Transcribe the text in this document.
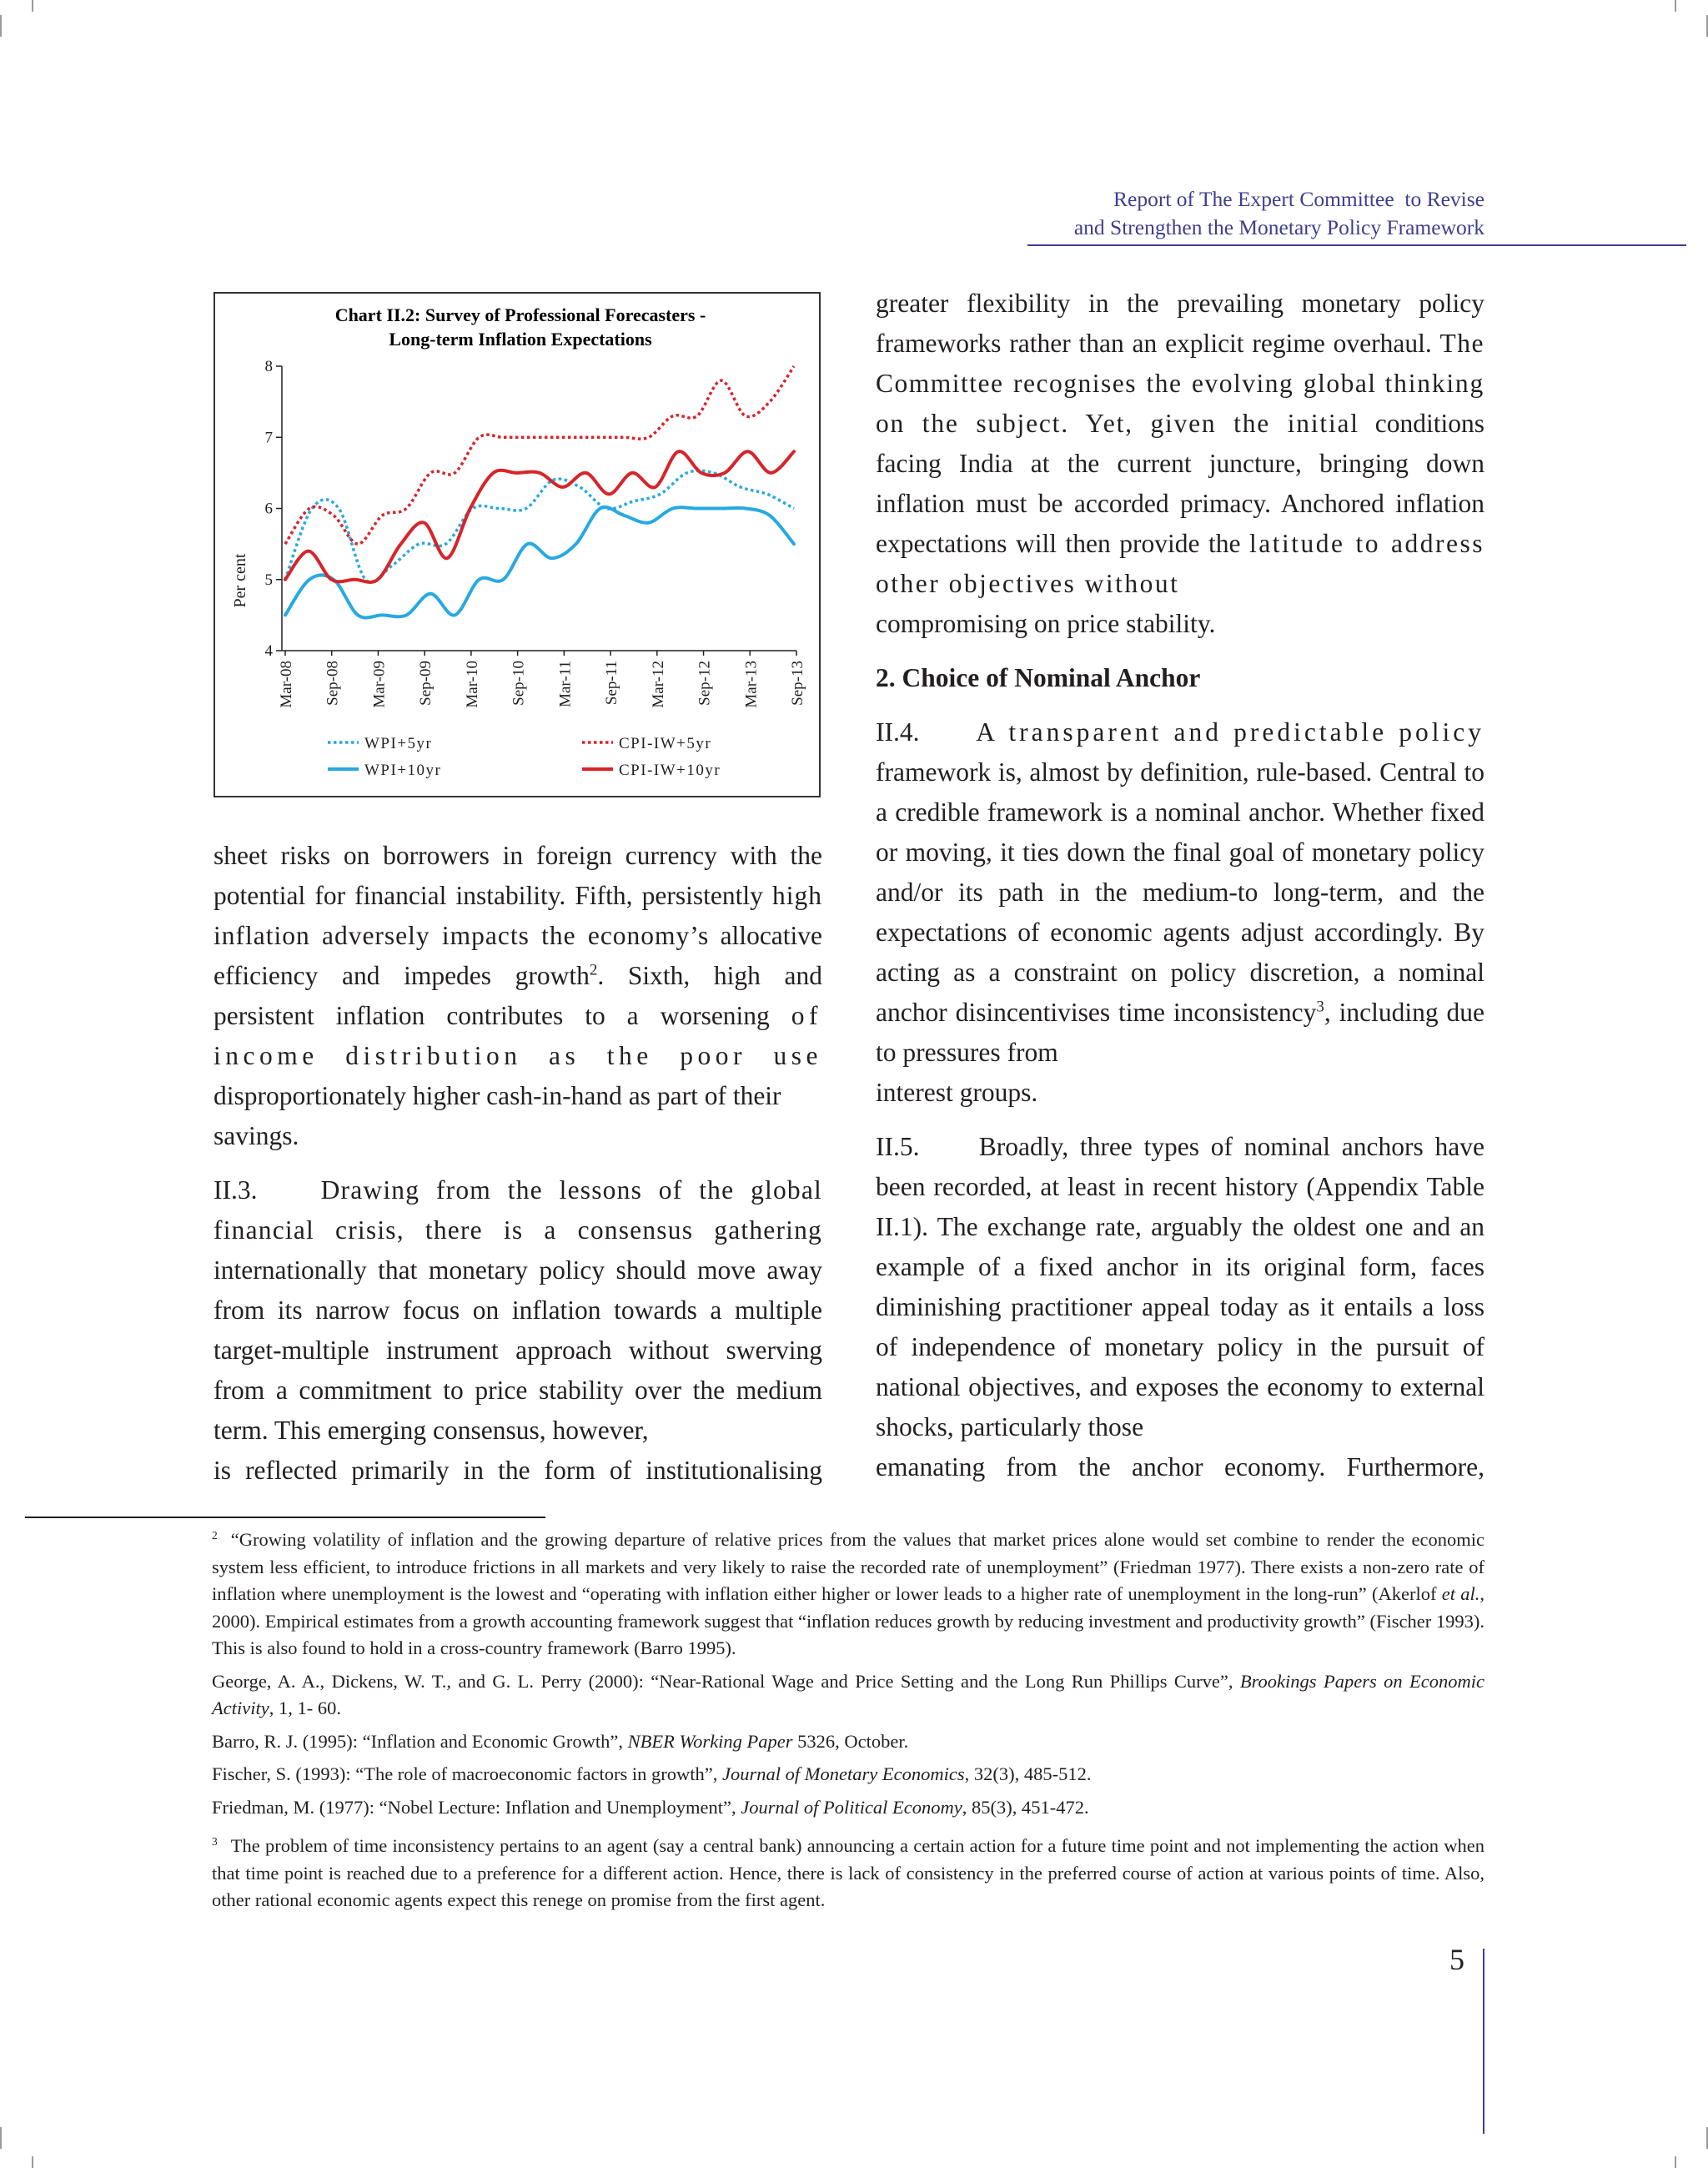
Report of The Expert Committee  to Revise
and Strengthen the Monetary Policy Framework
Chart II.2: Survey of Professional Forecasters -
Long-term Inflation Expectations
Per cent
4
5
6
7
8
Mar-08 Sep-08 Mar-09 Sep-09 Mar-10 Sep-10 Mar-11 Sep-11 Mar-12 Sep-12 Mar-13 Sep-13
WPI+5yr	CPI-IW+5yr
WPI+10yr	CPI-IW+10yr

sheet risks on borrowers in foreign currency with the potential for financial instability. Fifth, persistently high inflation adversely impacts the economy’s allocative efficiency and impedes growth$^2$. Sixth, high and persistent inflation contributes to a worsening of income distribution as the poor use disproportionately higher cash-in-hand as part of their
savings.

II.3. Drawing from the lessons of the global financial crisis, there is a consensus gathering internationally that monetary policy should move away from its narrow focus on inflation towards a multiple target-multiple instrument approach without swerving from a commitment to price stability over the medium term. This emerging consensus, however,
is reflected primarily in the form of institutionalising

greater flexibility in the prevailing monetary policy frameworks rather than an explicit regime overhaul. The Committee recognises the evolving global thinking on the subject. Yet, given the initial conditions facing India at the current juncture, bringing down inflation must be accorded primacy. Anchored inflation expectations will then provide the latitude to address other objectives without
compromising on price stability.

2. Choice of Nominal Anchor

II.4. A transparent and predictable policy framework is, almost by definition, rule-based. Central to a credible framework is a nominal anchor. Whether fixed or moving, it ties down the final goal of monetary policy and/or its path in the medium-to long-term, and the expectations of economic agents adjust accordingly. By acting as a constraint on policy discretion, a nominal anchor disincentivises time inconsistency$^3$, including due to pressures from
interest groups.

II.5. Broadly, three types of nominal anchors have been recorded, at least in recent history (Appendix Table II.1). The exchange rate, arguably the oldest one and an example of a fixed anchor in its original form, faces diminishing practitioner appeal today as it entails a loss of independence of monetary policy in the pursuit of national objectives, and exposes the economy to external shocks, particularly those
emanating from the anchor economy. Furthermore,

$^2$ “Growing volatility of inflation and the growing departure of relative prices from the values that market prices alone would set combine to render the economic system less efficient, to introduce frictions in all markets and very likely to raise the recorded rate of unemployment” (Friedman 1977). There exists a non-zero rate of inflation where unemployment is the lowest and “operating with inflation either higher or lower leads to a higher rate of unemployment in the long-run” (Akerlof et al., 2000). Empirical estimates from a growth accounting framework suggest that “inflation reduces growth by reducing investment and productivity growth” (Fischer 1993). This is also found to hold in a cross-country framework (Barro 1995).

George, A. A., Dickens, W. T., and G. L. Perry (2000): “Near-Rational Wage and Price Setting and the Long Run Phillips Curve”, Brookings Papers on Economic Activity, 1, 1- 60.

Barro, R. J. (1995): “Inflation and Economic Growth”, NBER Working Paper 5326, October.

Fischer, S. (1993): “The role of macroeconomic factors in growth”, Journal of Monetary Economics, 32(3), 485-512.

Friedman, M. (1977): “Nobel Lecture: Inflation and Unemployment”, Journal of Political Economy, 85(3), 451-472.

$^3$ The problem of time inconsistency pertains to an agent (say a central bank) announcing a certain action for a future time point and not implementing the action when that time point is reached due to a preference for a different action. Hence, there is lack of consistency in the preferred course of action at various points of time. Also, other rational economic agents expect this renege on promise from the first agent.

5
